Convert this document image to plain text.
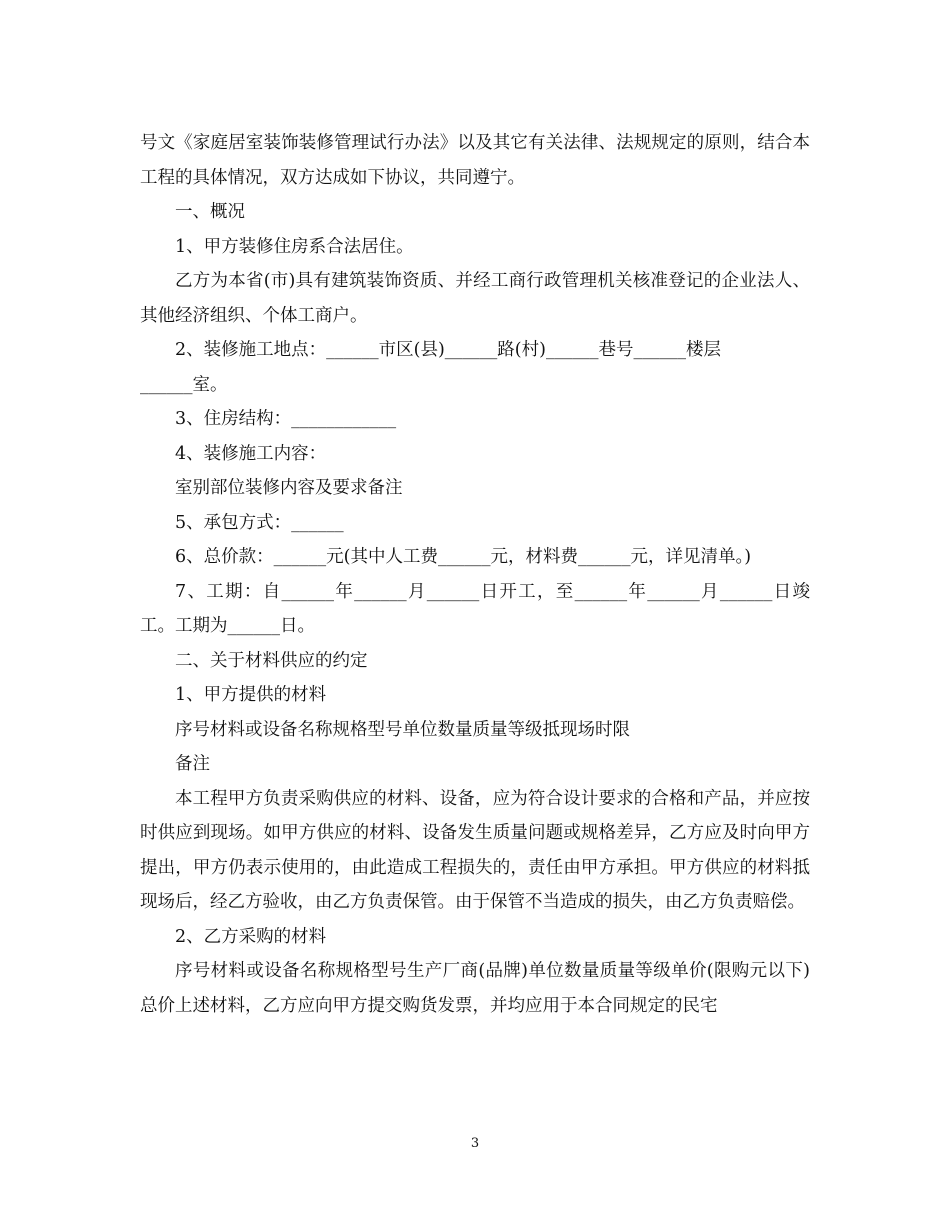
号文《家庭居室装饰装修管理试行办法》以及其它有关法律、法规规定的原则，结合本工程的具体情况，双方达成如下协议，共同遵宁。

一、概况

1、甲方装修住房系合法居住。

乙方为本省(市)具有建筑装饰资质、并经工商行政管理机关核准登记的企业法人、其他经济组织、个体工商户。

2、装修施工地点：______市区(县)______路(村)______巷号______楼层
______室。

3、住房结构：____________

4、装修施工内容：

室别部位装修内容及要求备注

5、承包方式：______

6、总价款：______元(其中人工费______元，材料费______元，详见清单。)

7、工期：自______年______月______日开工，至______年______月______日竣工。工期为______日。

二、关于材料供应的约定

1、甲方提供的材料

序号材料或设备名称规格型号单位数量质量等级抵现场时限

备注

本工程甲方负责采购供应的材料、设备，应为符合设计要求的合格和产品，并应按时供应到现场。如甲方供应的材料、设备发生质量问题或规格差异，乙方应及时向甲方提出，甲方仍表示使用的，由此造成工程损失的，责任由甲方承担。甲方供应的材料抵现场后，经乙方验收，由乙方负责保管。由于保管不当造成的损失，由乙方负责赔偿。

2、乙方采购的材料

序号材料或设备名称规格型号生产厂商(品牌)单位数量质量等级单价(限购元以下)总价上述材料，乙方应向甲方提交购货发票，并均应用于本合同规定的民宅

3
